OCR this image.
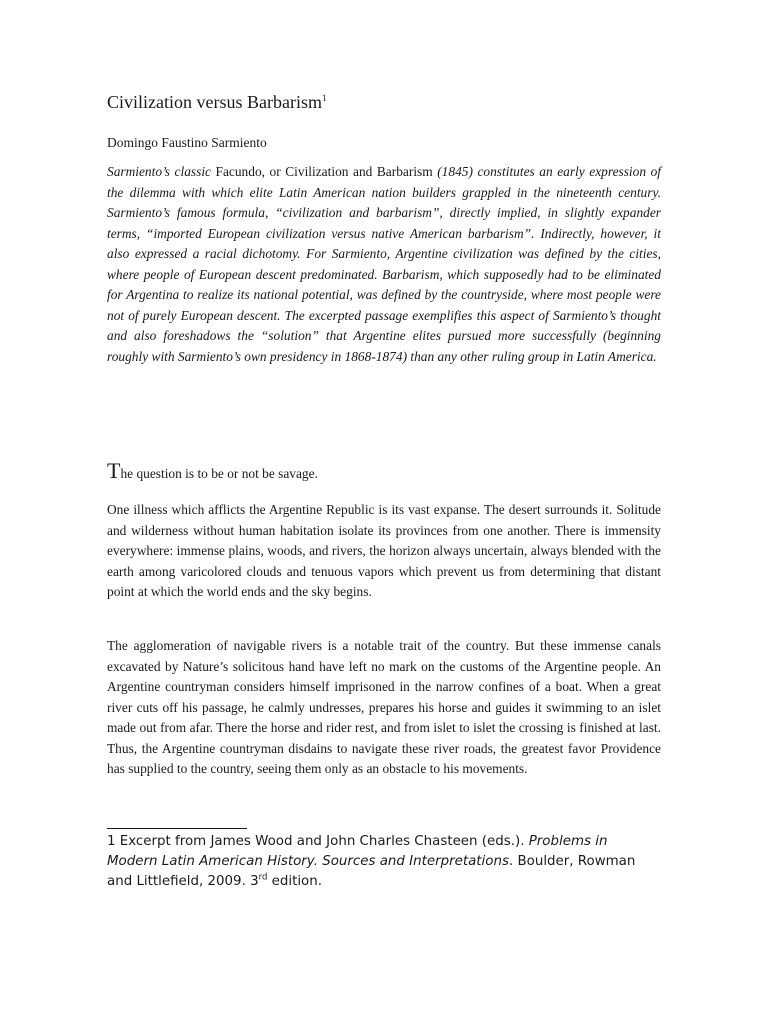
Civilization versus Barbarism$^1$
Domingo Faustino Sarmiento

Sarmiento’s classic Facundo, or Civilization and Barbarism (1845) constitutes an early expression of the dilemma with which elite Latin American nation builders grappled in the nineteenth century. Sarmiento’s famous formula, “civilization and barbarism”, directly implied, in slightly expander terms, “imported European civilization versus native American barbarism”. Indirectly, however, it also expressed a racial dichotomy. For Sarmiento, Argentine civilization was defined by the cities, where people of European descent predominated. Barbarism, which supposedly had to be eliminated for Argentina to realize its national potential, was defined by the countryside, where most people were not of purely European descent. The excerpted passage exemplifies this aspect of Sarmiento’s thought and also foreshadows the “solution” that Argentine elites pursued more successfully (beginning roughly with Sarmiento’s own presidency in 1868-1874) than any other ruling group in Latin America.

The question is to be or not be savage.

One illness which afflicts the Argentine Republic is its vast expanse. The desert surrounds it. Solitude and wilderness without human habitation isolate its provinces from one another. There is immensity everywhere: immense plains, woods, and rivers, the horizon always uncertain, always blended with the earth among varicolored clouds and tenuous vapors which prevent us from determining that distant point at which the world ends and the sky begins.

The agglomeration of navigable rivers is a notable trait of the country. But these immense canals excavated by Nature’s solicitous hand have left no mark on the customs of the Argentine people. An Argentine countryman considers himself imprisoned in the narrow confines of a boat. When a great river cuts off his passage, he calmly undresses, prepares his horse and guides it swimming to an islet made out from afar. There the horse and rider rest, and from islet to islet the crossing is finished at last. Thus, the Argentine countryman disdains to navigate these river roads, the greatest favor Providence has supplied to the country, seeing them only as an obstacle to his movements.

1 Excerpt from James Wood and John Charles Chasteen (eds.). Problems in Modern Latin American History. Sources and Interpretations. Boulder, Rowman and Littlefield, 2009. 3rd edition.
